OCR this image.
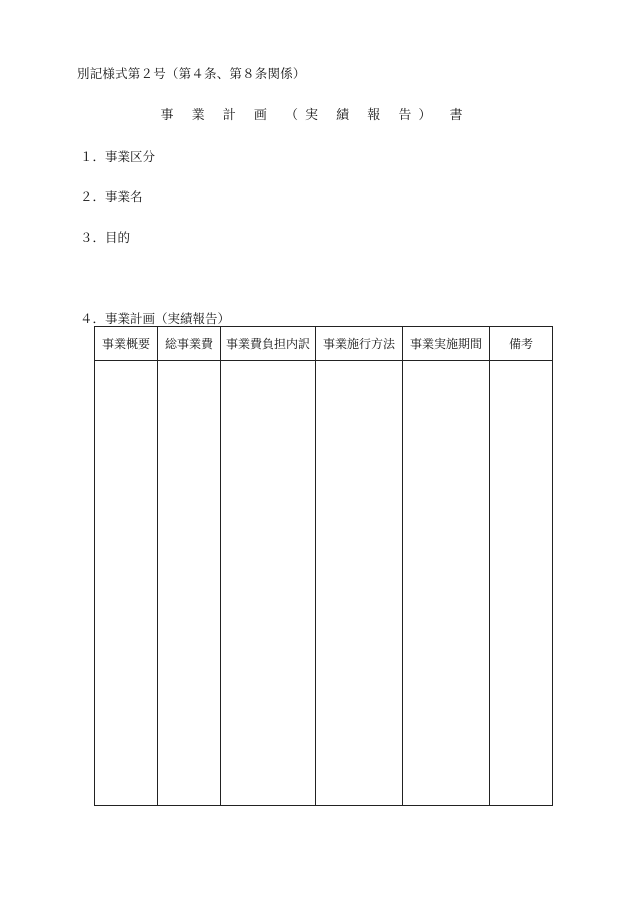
別記様式第２号（第４条、第８条関係）
事 業 計 画 （実 績 報 告） 書
１．事業区分
２．事業名
３．目的
４．事業計画（実績報告）
事業概要	総事業費	事業費負担内訳	事業施行方法	事業実施期間	備考
